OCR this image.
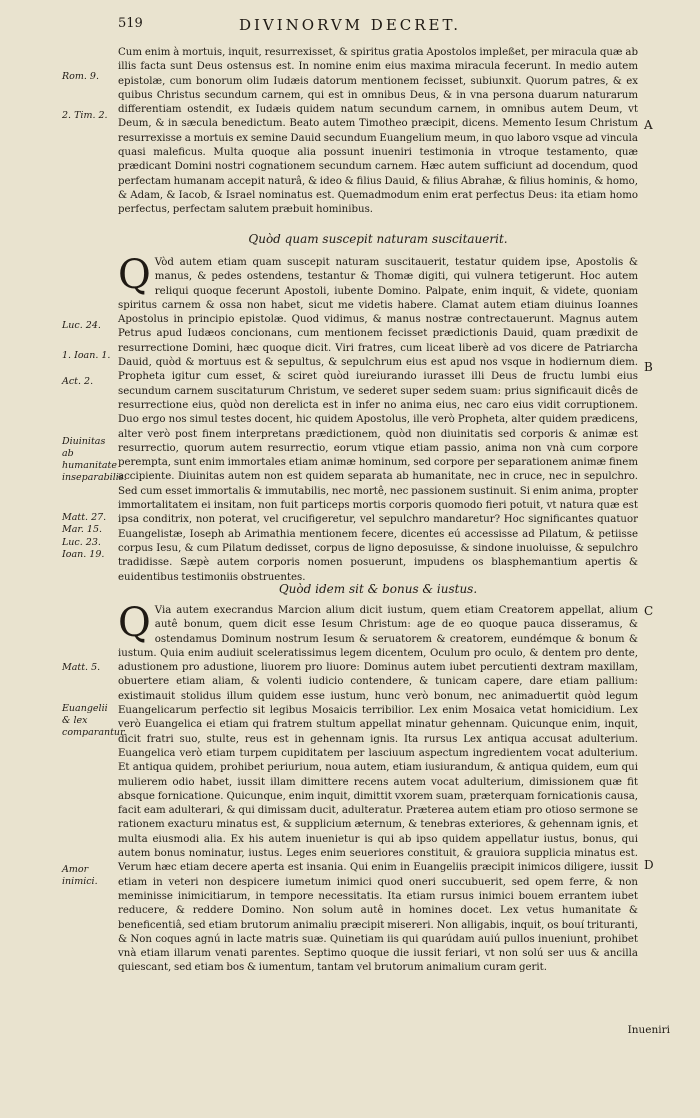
519	DIVINORVM DECRET.

Cum enim à mortuis, inquit, resurrexisset, & spiritus gratia Apostolos impleßet, per miracula quæ ab illis facta sunt Deus ostensus est. In nomine enim eius maxima miracula fecerunt. In medio autem epistolæ, cum bonorum olim Iudæis datorum mentionem fecisset, subiunxit. Quorum patres, & ex quibus Christus secundum carnem, qui est in omnibus Deus, & in vna persona duarum naturarum differentiam ostendit, ex Iudæis quidem natum secundum carnem, in omnibus autem Deum, vt Deum, & in sæcula benedictum. Beato autem Timotheo præcipit, dicens. Memento Iesum Christum resurrexisse a mortuis ex semine Dauid secundum Euangelium meum, in quo laboro vsque ad vincula quasi maleficus. Multa quoque alia possunt inueniri testimonia in vtroque testamento, quæ prædicant Domini nostri cognationem secundum carnem. Hæc autem sufficiunt ad docendum, quod perfectam humanam accepit naturâ, & ideo & filius Dauid, & filius Abrahæ, & filius hominis, & homo, & Adam, & Iacob, & Israel nominatus est. Quemadmodum enim erat perfectus Deus: ita etiam homo perfectus, perfectam salutem præbuit hominibus.

Quòd quam suscepit naturam suscitauerit.
Q Vòd autem etiam quam suscepit naturam suscitauerit, testatur quidem ipse, Apostolis & manus, & pedes ostendens, testantur & Thomæ digiti, qui vulnera tetigerunt. Hoc autem reliqui quoque fecerunt Apostoli, iubente Domino. Palpate, enim inquit, & videte, quoniam spiritus carnem & ossa non habet, sicut me videtis habere. Clamat autem etiam diuinus Ioannes Apostolus in principio epistolæ. Quod vidimus, & manus nostræ contrectauerunt. Magnus autem Petrus apud Iudæos concionans, cum mentionem fecisset prædictionis Dauid, quam prædixit de resurrectione Domini, hæc quoque dicit. Viri fratres, cum liceat liberè ad vos dicere de Patriarcha Dauid, quòd & mortuus est & sepultus, & sepulchrum eius est apud nos vsque in hodiernum diem. Propheta igitur cum esset, & sciret quòd iureiurando iurasset illi Deus de fructu lumbi eius secundum carnem suscitaturum Christum, ve sederet super sedem suam: prius significauit dicês de resurrectione eius, quòd non derelicta est in infer no anima eius, nec caro eius vidit corruptionem. Duo ergo nos simul testes docent, hic quidem Apostolus, ille verò Propheta, alter quidem prædicens, alter verò post finem interpretans prædictionem, quòd non diuinitatis sed corporis & animæ est resurrectio, quorum autem resurrectio, eorum vtique etiam passio, anima non vnà cum corpore perempta, sunt enim immortales etiam animæ hominum, sed corpore per separationem animæ finem accipiente. Diuinitas autem non est quidem separata ab humanitate, nec in cruce, nec in sepulchro. Sed cum esset immortalis & immutabilis, nec mortê, nec passionem sustinuit. Si enim anima, propter immortalitatem ei insitam, non fuit particeps mortis corporis quomodo fieri potuit, vt natura quæ est ipsa conditrix, non poterat, vel crucifigeretur, vel sepulchro mandaretur? Hoc significantes quatuor Euangelistæ, Ioseph ab Arimathia mentionem fecere, dicentes eú accessisse ad Pilatum, & petiisse corpus Iesu, & cum Pilatum dedisset, corpus de ligno deposuisse, & sindone inuoluisse, & sepulchro tradidisse. Sæpè autem corporis nomen posuerunt, impudens os blasphemantium apertis & euidentibus testimoniis obstruentes.

Quòd idem sit & bonus & iustus.
Q Via autem execrandus Marcion alium dicit iustum, quem etiam Creatorem appellat, alium autê bonum, quem dicit esse Iesum Christum: age de eo quoque pauca disseramus, & ostendamus Dominum nostrum Iesum & seruatorem & creatorem, eundémque & bonum & iustum. Quia enim audiuit sceleratissimus legem dicentem, Oculum pro oculo, & dentem pro dente, adustionem pro adustione, liuorem pro liuore: Dominus autem iubet percutienti dextram maxillam, obuertere etiam aliam, & volenti iudicio contendere, & tunicam capere, dare etiam pallium: existimauit stolidus illum quidem esse iustum, hunc verò bonum, nec animaduertit quòd legum Euangelicarum perfectio sit legibus Mosaicis terribilior. Lex enim Mosaica vetat homicidium. Lex verò Euangelica ei etiam qui fratrem stultum appellat minatur gehennam. Quicunque enim, inquit, dicit fratri suo, stulte, reus est in gehennam ignis. Ita rursus Lex antiqua accusat adulterium. Euangelica verò etiam turpem cupiditatem per lasciuum aspectum ingredientem vocat adulterium. Et antiqua quidem, prohibet periurium, noua autem, etiam iusiurandum, & antiqua quidem, eum qui mulierem odio habet, iussit illam dimittere recens autem vocat adulterium, dimissionem quæ fit absque fornicatione. Quicunque, enim inquit, dimittit vxorem suam, præterquam fornicationis causa, facit eam adulterari, & qui dimissam ducit, adulteratur. Præterea autem etiam pro otioso sermone se rationem exacturu minatus est, & supplicium æternum, & tenebras exteriores, & gehennam ignis, et multa eiusmodi alia. Ex his autem inuenietur is qui ab ipso quidem appellatur iustus, bonus, qui autem bonus nominatur, iustus. Leges enim seueriores constituit, & grauiora supplicia minatus est. Verum hæc etiam decere aperta est insania. Qui enim in Euangeliis præcipit inimicos diligere, iussit etiam in veteri non despicere iumetum inimici quod oneri succubuerit, sed opem ferre, & non meminisse inimicitiarum, in tempore necessitatis. Ita etiam rursus inimici bouem errantem iubet reducere, & reddere Domino. Non solum autê in homines docet. Lex vetus humanitate & beneficentiâ, sed etiam brutorum animaliu præcipit misereri. Non alligabis, inquit, os bouí trituranti, & Non coques agnú in lacte matris suæ. Quinetiam iis qui quarúdam auiú pullos inueniunt, prohibet vnà etiam illarum venati parentes. Septimo quoque die iussit feriari, vt non solú ser uus & ancilla quiescant, sed etiam bos & iumentum, tantam vel brutorum animalium curam gerit.

Rom. 9.
2. Tim. 2.
Luc. 24.
1. Ioan. 1.
Act. 2.
Diuinitas ab humanitate inseparabilis.
Matt. 27.
Mar. 15.
Luc. 23.
Ioan. 19.
Matt. 5.
Euangelii & lex comparantur.
Amor inimici.
A
B
C
D
Inueniri
